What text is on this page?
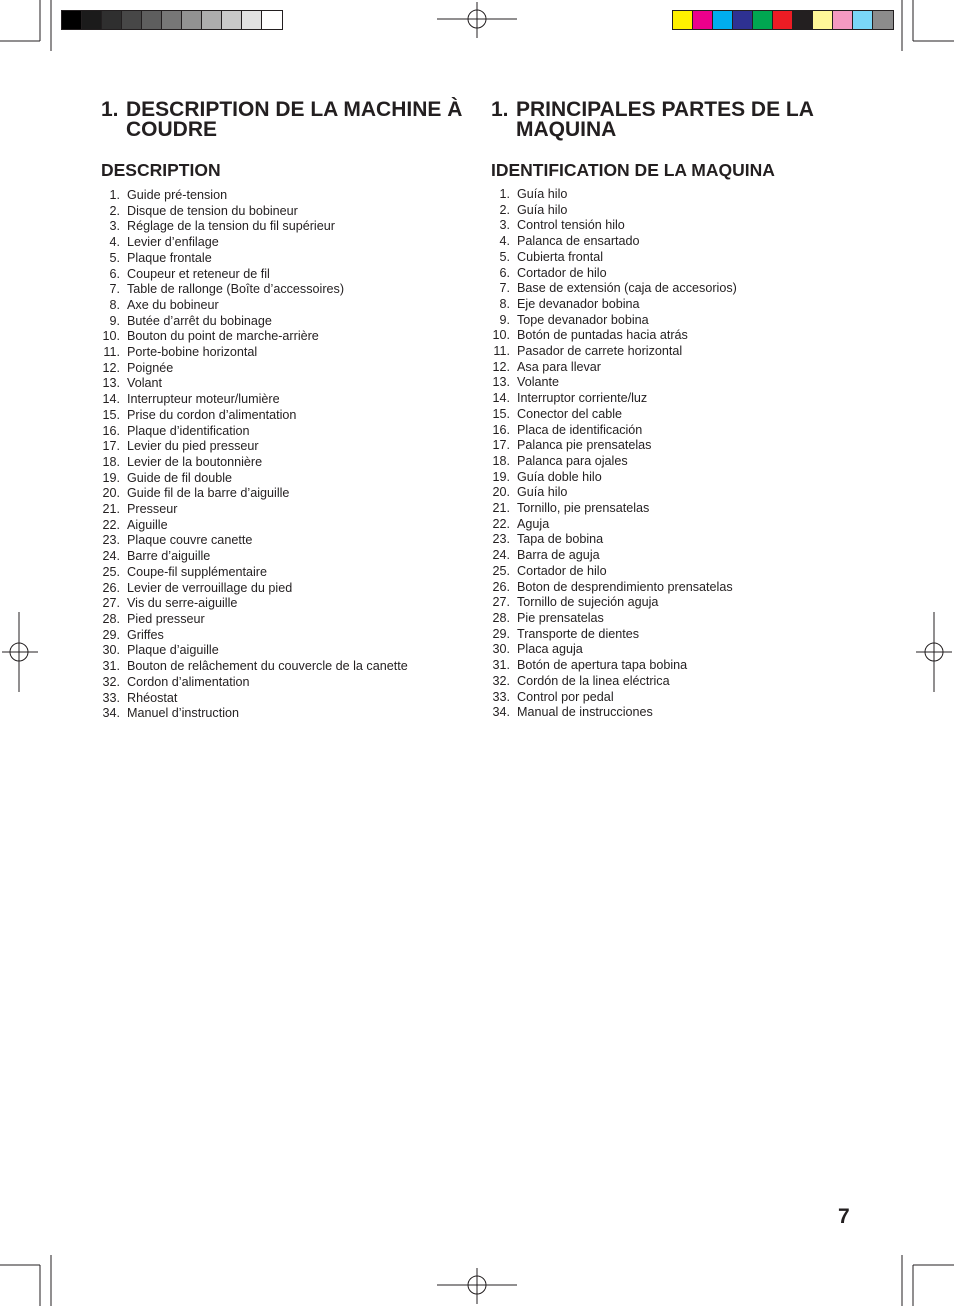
1. DESCRIPTION DE LA MACHINE À COUDRE
DESCRIPTION
1. Guide pré-tension
2. Disque de tension du bobineur
3. Réglage de la tension du fil supérieur
4. Levier d’enfilage
5. Plaque frontale
6. Coupeur et reteneur de fil
7. Table de rallonge (Boîte d’accessoires)
8. Axe du bobineur
9. Butée d’arrêt du bobinage
10. Bouton du point de marche-arrière
11. Porte-bobine horizontal
12. Poignée
13. Volant
14. Interrupteur moteur/lumière
15. Prise du cordon d’alimentation
16. Plaque d’identification
17. Levier du pied presseur
18. Levier de la boutonnière
19. Guide de fil double
20. Guide fil de la barre d’aiguille
21. Presseur
22. Aiguille
23. Plaque couvre canette
24. Barre d’aiguille
25. Coupe-fil supplémentaire
26. Levier de verrouillage du pied
27. Vis du serre-aiguille
28. Pied presseur
29. Griffes
30. Plaque d’aiguille
31. Bouton de relâchement du couvercle de la canette
32. Cordon d’alimentation
33. Rhéostat
34. Manuel d’instruction
1. PRINCIPALES PARTES DE LA MAQUINA
IDENTIFICATION DE LA MAQUINA
1. Guía hilo
2. Guía hilo
3. Control tensión hilo
4. Palanca de ensartado
5. Cubierta frontal
6. Cortador de hilo
7. Base de extensión (caja de accesorios)
8. Eje devanador bobina
9. Tope devanador bobina
10. Botón de puntadas hacia atrás
11. Pasador de carrete horizontal
12. Asa para llevar
13. Volante
14. Interruptor corriente/luz
15. Conector del cable
16. Placa de identificación
17. Palanca pie prensatelas
18. Palanca para ojales
19. Guía doble hilo
20. Guía hilo
21. Tornillo, pie prensatelas
22. Aguja
23. Tapa de bobina
24. Barra de aguja
25. Cortador de hilo
26. Boton de desprendimiento prensatelas
27. Tornillo de sujeción aguja
28. Pie prensatelas
29. Transporte de dientes
30. Placa aguja
31. Botón de apertura tapa bobina
32. Cordón de la linea eléctrica
33. Control por pedal
34. Manual de instrucciones
7
